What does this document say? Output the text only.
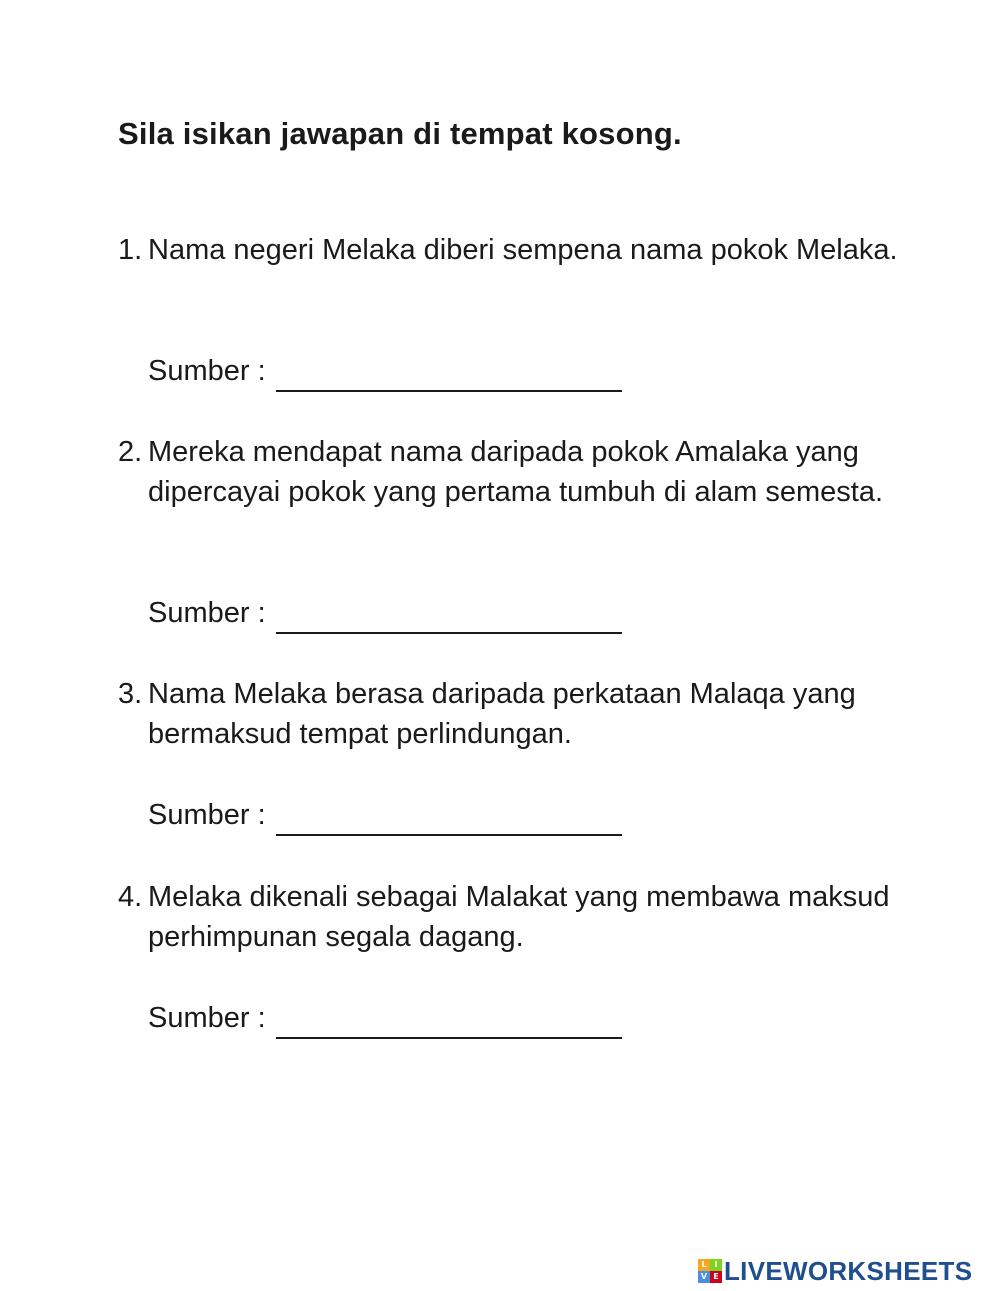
Sila isikan jawapan di tempat kosong.
1. Nama negeri Melaka diberi sempena nama pokok Melaka.
Sumber :
2. Mereka mendapat nama daripada pokok Amalaka yang dipercayai pokok yang pertama tumbuh di alam semesta.
Sumber :
3. Nama Melaka berasa daripada perkataan Malaqa yang bermaksud tempat perlindungan.
Sumber :
4. Melaka dikenali sebagai Malakat yang membawa maksud perhimpunan segala dagang.
Sumber :
L I
V E LIVEWORKSHEETS
